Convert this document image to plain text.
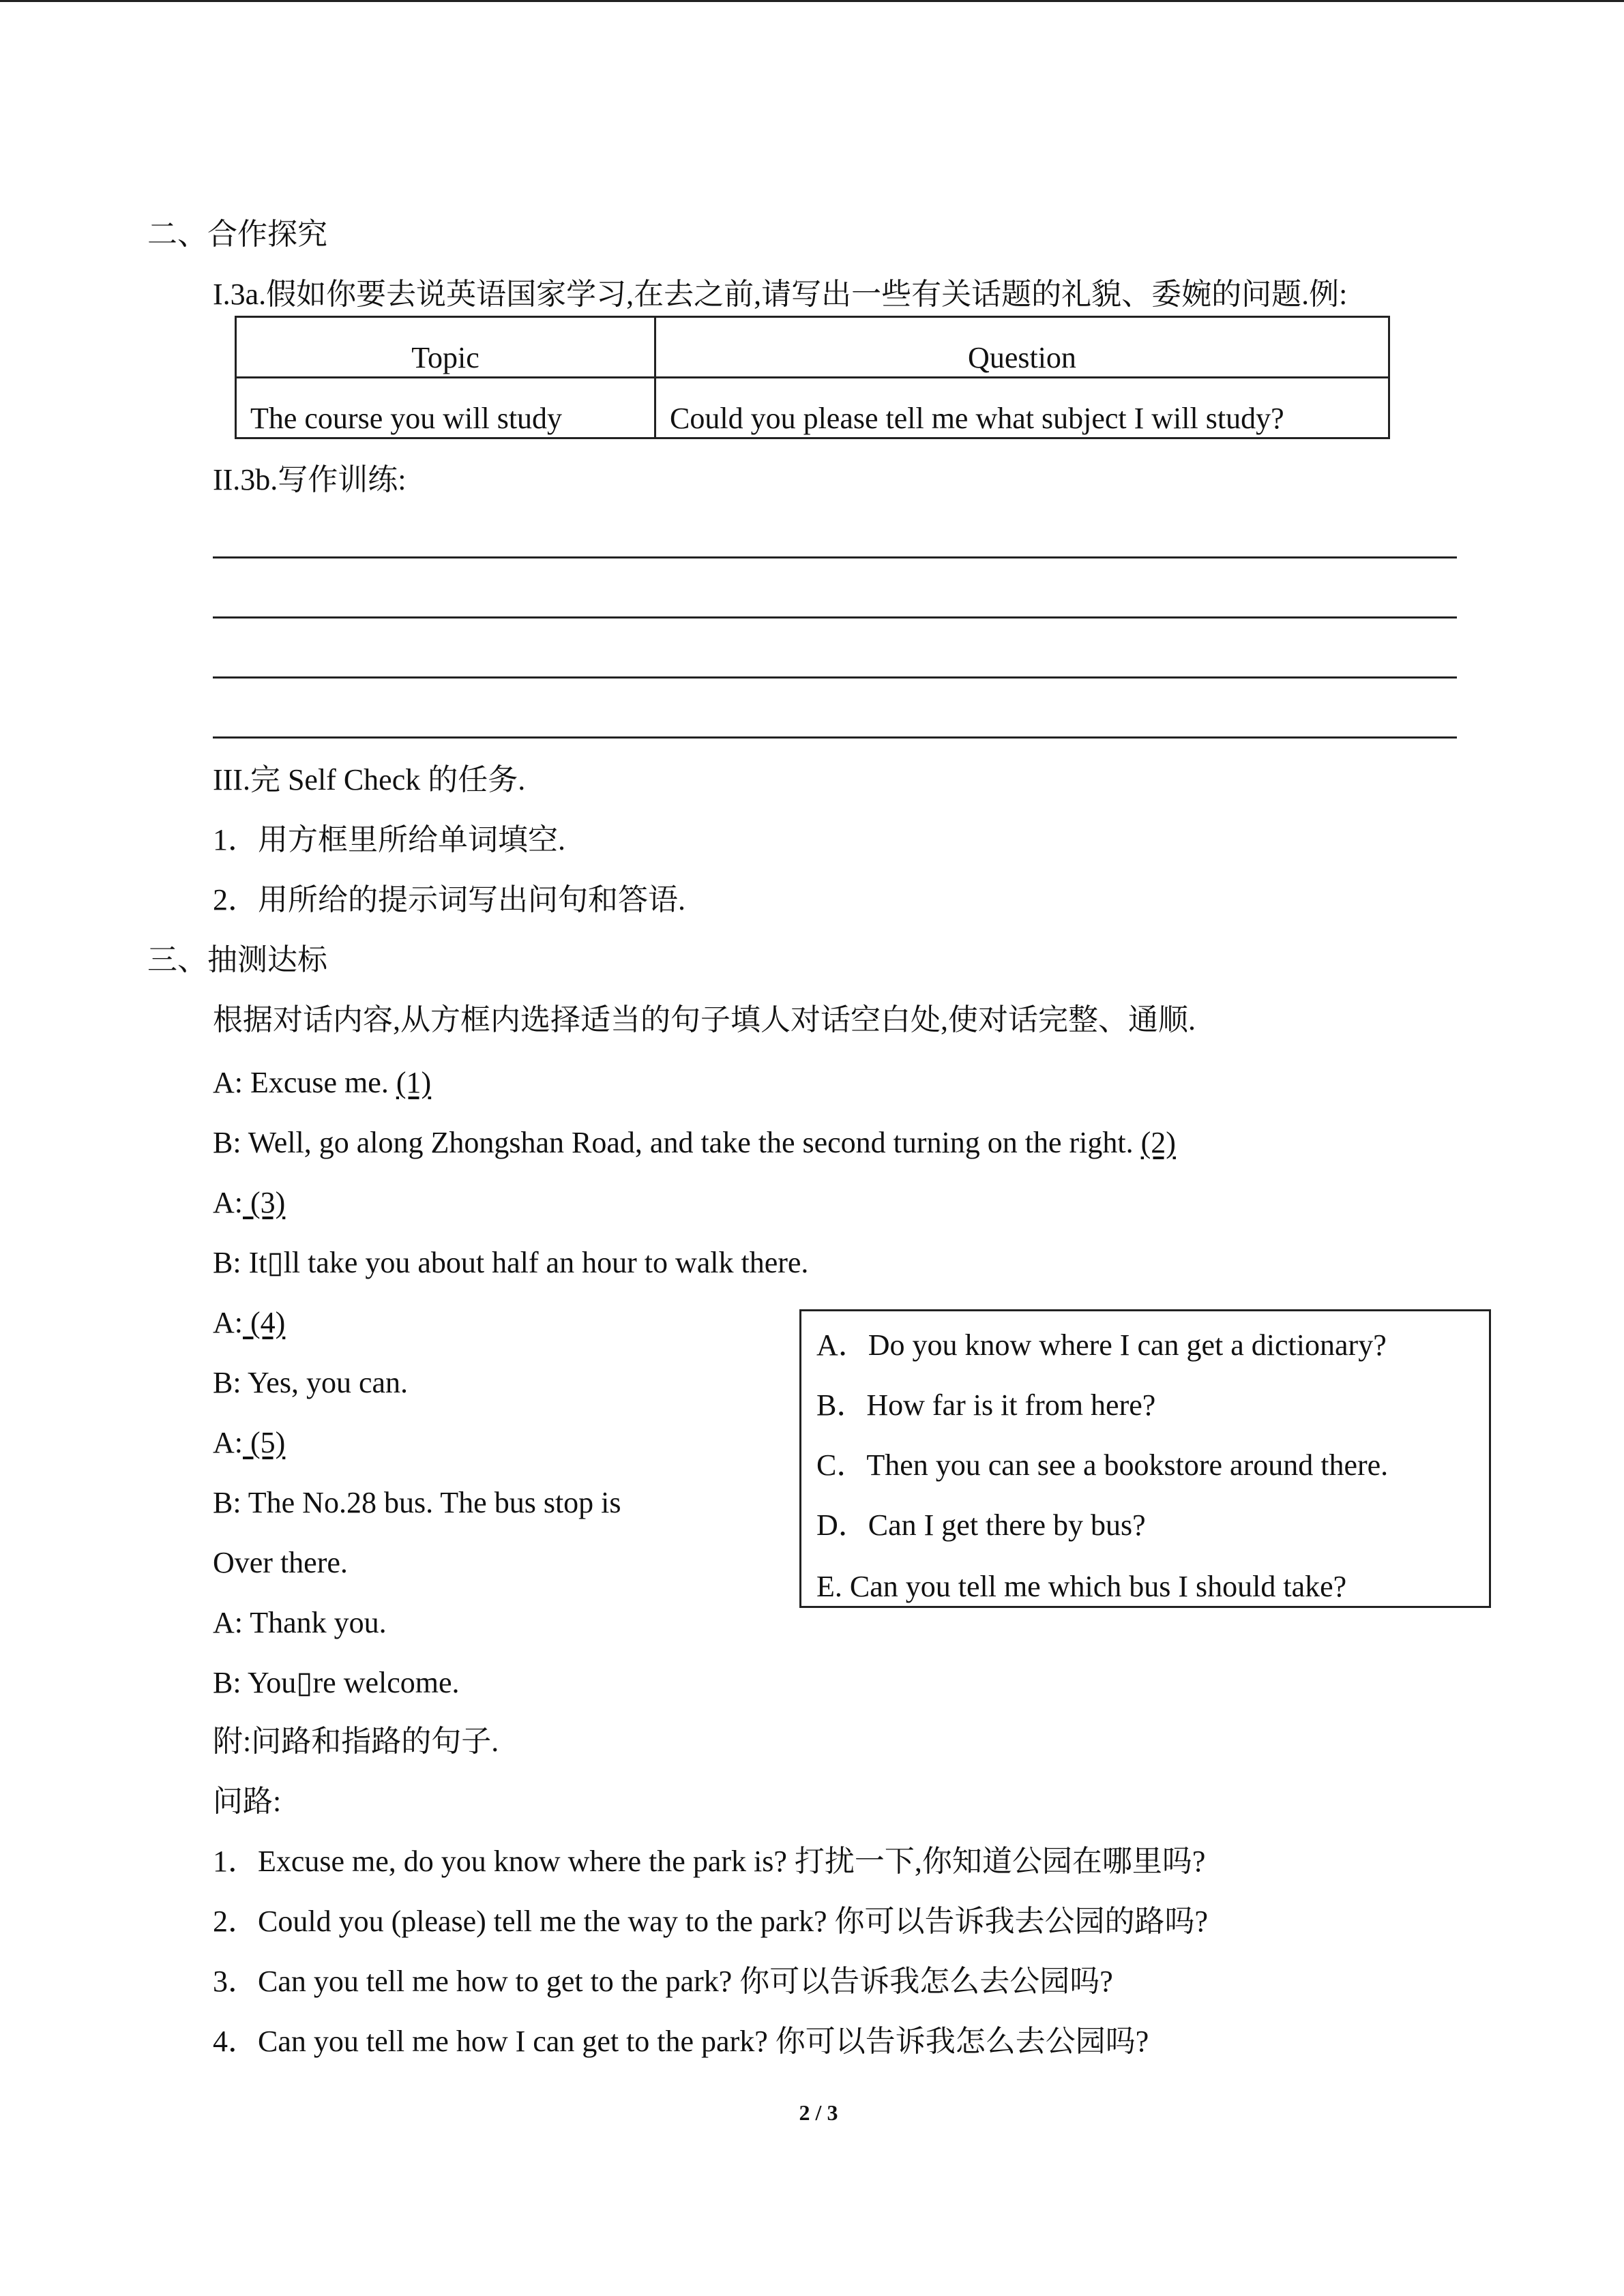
二、合作探究
I.3a.假如你要去说英语国家学习,在去之前,请写出一些有关话题的礼貌、委婉的问题.例:
Topic	Question
The course you will study	Could you please tell me what subject I will study?
II.3b.写作训练:
III.完 Self Check 的任务.
1．用方框里所给单词填空.
2．用所给的提示词写出问句和答语.
三、抽测达标
根据对话内容,从方框内选择适当的句子填人对话空白处,使对话完整、通顺.
A: Excuse me. (1)
B: Well, go along Zhongshan Road, and take the second turning on the right. (2)
A: (3)
B: It▯ll take you about half an hour to walk there.
A: (4)
B: Yes, you can.
A: (5)
B: The No.28 bus. The bus stop is
Over there.
A: Thank you.
B: You▯re welcome.
A．Do you know where I can get a dictionary?
B．How far is it from here?
C．Then you can see a bookstore around there.
D．Can I get there by bus?
E. Can you tell me which bus I should take?
附:问路和指路的句子.
问路:
1．Excuse me, do you know where the park is? 打扰一下,你知道公园在哪里吗?
2．Could you (please) tell me the way to the park? 你可以告诉我去公园的路吗?
3．Can you tell me how to get to the park? 你可以告诉我怎么去公园吗?
4．Can you tell me how I can get to the park? 你可以告诉我怎么去公园吗?
2 / 3
